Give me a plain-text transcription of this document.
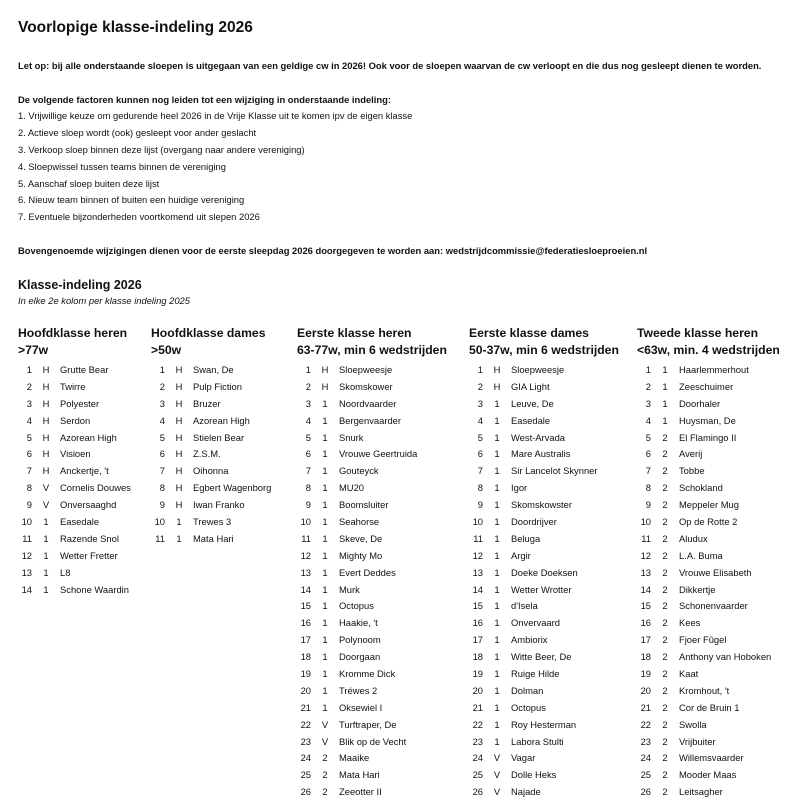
Voorlopige klasse-indeling 2026
Let op: bij alle onderstaande sloepen is uitgegaan van een geldige cw in 2026! Ook voor de sloepen waarvan de cw verloopt en die dus nog gesleept dienen te worden.
De volgende factoren kunnen nog leiden tot een wijziging in onderstaande indeling:
1. Vrijwillige keuze om gedurende heel 2026 in de Vrije Klasse uit te komen ipv de eigen klasse
2. Actieve sloep wordt (ook) gesleept voor ander geslacht
3. Verkoop sloep binnen deze lijst (overgang naar andere vereniging)
4. Sloepwissel tussen teams binnen de vereniging
5. Aanschaf sloep buiten deze lijst
6. Nieuw team binnen of buiten een huidige vereniging
7. Eventuele bijzonderheden voortkomend uit slepen 2026
Bovengenoemde wijzigingen dienen voor de eerste sleepdag 2026 doorgegeven te worden aan: wedstrijdcommissie@federatiesloeproeien.nl
Klasse-indeling 2026
In elke 2e kolom per klasse indeling 2025
Hoofdklasse heren
>77w
1 H Grutte Bear
2 H Twirre
3 H Polyester
4 H Serdon
5 H Azorean High
6 H Visioen
7 H Anckertje, 't
8 V Cornelis Douwes
9 V Onversaaghd
10 1 Easedale
11 1 Razende Snol
12 1 Wetter Fretter
13 1 L8
14 1 Schone Waardin
Hoofdklasse dames
>50w
1 H Swan, De
2 H Pulp Fiction
3 H Bruzer
4 H Azorean High
5 H Stielen Bear
6 H Z.S.M.
7 H Oihonna
8 H Egbert Wagenborg
9 H Iwan Franko
10 1 Trewes 3
11 1 Mata Hari
Eerste klasse heren
63-77w, min 6 wedstrijden
1 H Sloepweesje
2 H Skomskower
3 1 Noordvaarder
4 1 Bergenvaarder
5 1 Snurk
6 1 Vrouwe Geertruida
7 1 Gouteyck
8 1 MU20
9 1 Boomsluiter
10 1 Seahorse
11 1 Skeve, De
12 1 Mighty Mo
13 1 Evert Deddes
14 1 Murk
15 1 Octopus
16 1 Haakie, 't
17 1 Polynoom
18 1 Doorgaan
19 1 Kromme Dick
20 1 Tréwes 2
21 1 Oksewiel I
22 V Turftraper, De
23 V Blik op de Vecht
24 2 Maaike
25 2 Mata Hari
26 2 Zeeotter II
Eerste klasse dames
50-37w, min 6 wedstrijden
1 H Sloepweesje
2 H GIA Light
3 1 Leuve, De
4 1 Easedale
5 1 West-Arvada
6 1 Mare Australis
7 1 Sir Lancelot Skynner
8 1 Igor
9 1 Skomskowster
10 1 Doordrijver
11 1 Beluga
12 1 Argir
13 1 Doeke Doeksen
14 1 Wetter Wrotter
15 1 d'Isela
16 1 Onvervaard
17 1 Ambiorix
18 1 Witte Beer, De
19 1 Ruige Hilde
20 1 Dolman
21 1 Octopus
22 1 Roy Hesterman
23 1 Labora Stulti
24 V Vagar
25 V Dolle Heks
26 V Najade
Tweede klasse heren
<63w, min. 4 wedstrijden
1 1 Haarlemmerhout
2 1 Zeeschuimer
3 1 Doorhaler
4 1 Huysman, De
5 2 El Flamingo II
6 2 Averij
7 2 Tobbe
8 2 Schokland
9 2 Meppeler Mug
10 2 Op de Rotte 2
11 2 Aludux
12 2 L.A. Buma
13 2 Vrouwe Elisabeth
14 2 Dikkertje
15 2 Schonenvaarder
16 2 Kees
17 2 Fjoer Fûgel
18 2 Anthony van Hoboken
19 2 Kaat
20 2 Kromhout, 't
21 2 Cor de Bruin 1
22 2 Swolla
23 2 Vrijbuiter
24 2 Willemsvaarder
25 2 Mooder Maas
26 2 Leitsagher
